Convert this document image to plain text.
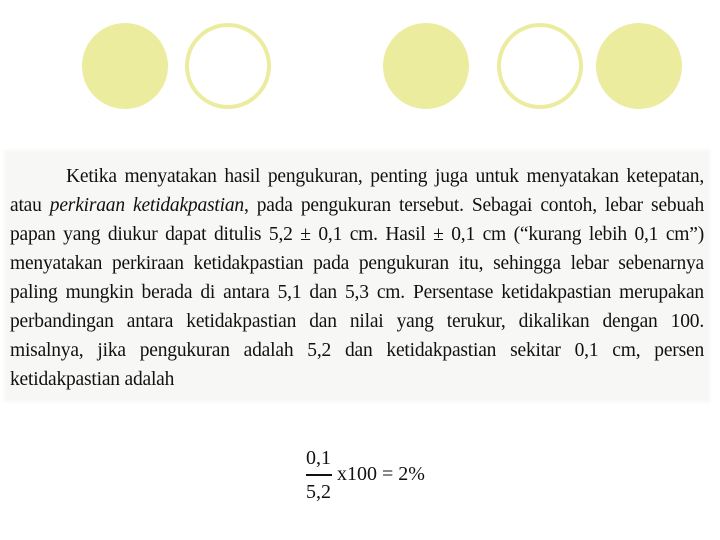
Ketika menyatakan hasil pengukuran, penting juga untuk menyatakan ketepatan, atau perkiraan ketidakpastian, pada pengukuran tersebut. Sebagai contoh, lebar sebuah papan yang diukur dapat ditulis 5,2 ± 0,1 cm. Hasil ± 0,1 cm (“kurang lebih 0,1 cm”) menyatakan perkiraan ketidakpastian pada pengukuran itu, sehingga lebar sebenarnya paling mungkin berada di antara 5,1 dan 5,3 cm. Persentase ketidakpastian merupakan perbandingan antara ketidakpastian dan nilai yang terukur, dikalikan dengan 100. misalnya, jika pengukuran adalah 5,2 dan ketidakpastian sekitar 0,1 cm, persen ketidakpastian adalah

$\frac{0,1}{5,2} x100 = 2\%$
